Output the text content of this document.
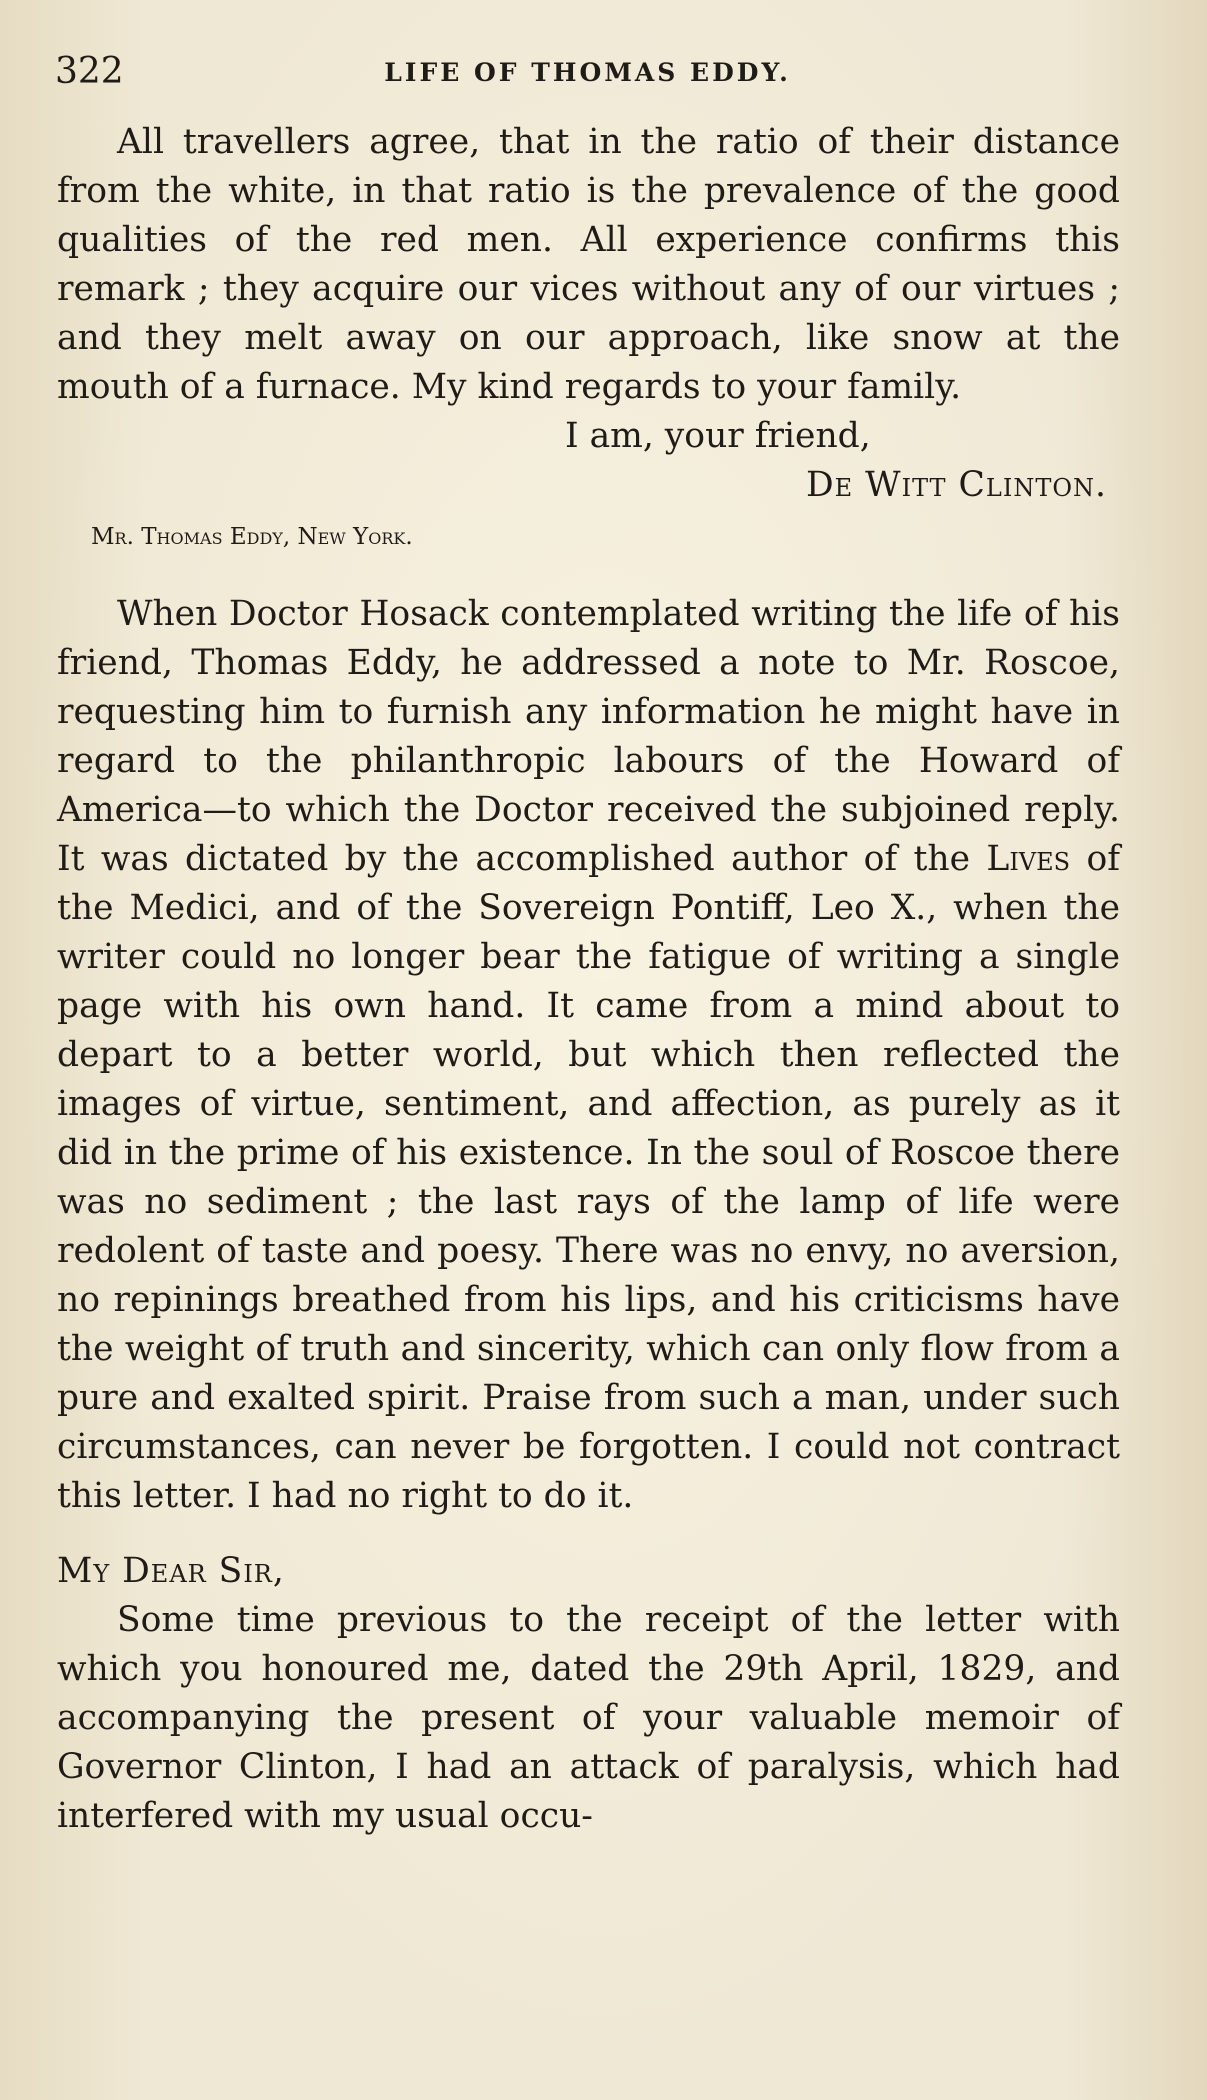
322	LIFE OF THOMAS EDDY.

All travellers agree, that in the ratio of their distance from the white, in that ratio is the prevalence of the good qualities of the red men. All experience confirms this remark ; they acquire our vices without any of our virtues ; and they melt away on our approach, like snow at the mouth of a furnace. My kind regards to your family.

I am, your friend,

De Witt Clinton.

Mr. Thomas Eddy, New York.

When Doctor Hosack contemplated writing the life of his friend, Thomas Eddy, he addressed a note to Mr. Roscoe, requesting him to furnish any information he might have in regard to the philanthropic labours of the Howard of America—to which the Doctor received the subjoined reply. It was dictated by the accomplished author of the Lives of the Medici, and of the Sovereign Pontiff, Leo X., when the writer could no longer bear the fatigue of writing a single page with his own hand. It came from a mind about to depart to a better world, but which then reflected the images of virtue, sentiment, and affection, as purely as it did in the prime of his existence. In the soul of Roscoe there was no sediment ; the last rays of the lamp of life were redolent of taste and poesy. There was no envy, no aversion, no repinings breathed from his lips, and his criticisms have the weight of truth and sincerity, which can only flow from a pure and exalted spirit. Praise from such a man, under such circumstances, can never be forgotten. I could not contract this letter. I had no right to do it.

My Dear Sir,

Some time previous to the receipt of the letter with which you honoured me, dated the 29th April, 1829, and accompanying the present of your valuable memoir of Governor Clinton, I had an attack of paralysis, which had interfered with my usual occu-
